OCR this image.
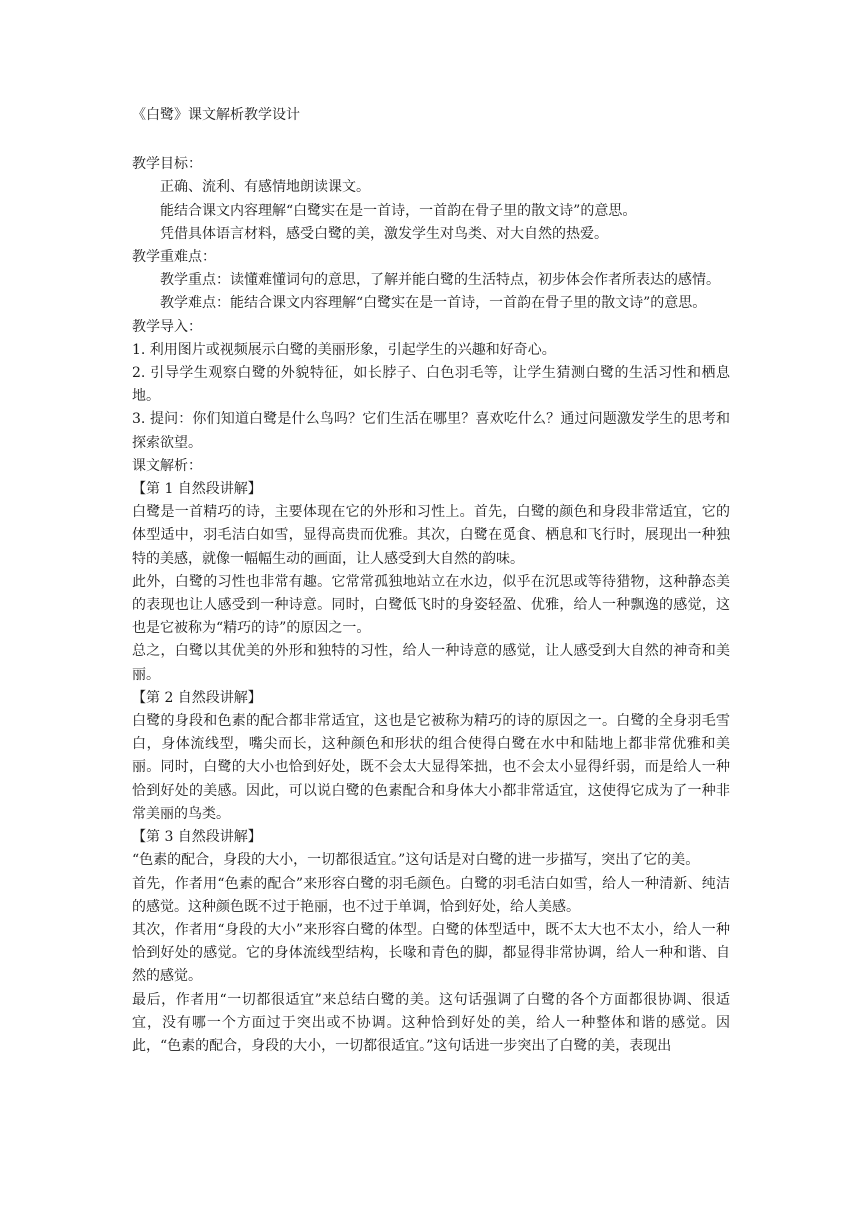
《白鹭》课文解析教学设计

教学目标：

正确、流利、有感情地朗读课文。

能结合课文内容理解“白鹭实在是一首诗，一首韵在骨子里的散文诗”的意思。

凭借具体语言材料，感受白鹭的美，激发学生对鸟类、对大自然的热爱。

教学重难点：

教学重点：读懂难懂词句的意思，了解并能白鹭的生活特点，初步体会作者所表达的感情。

教学难点：能结合课文内容理解“白鹭实在是一首诗，一首韵在骨子里的散文诗”的意思。

教学导入：

1. 利用图片或视频展示白鹭的美丽形象，引起学生的兴趣和好奇心。

2. 引导学生观察白鹭的外貌特征，如长脖子、白色羽毛等，让学生猜测白鹭的生活习性和栖息地。

3. 提问：你们知道白鹭是什么鸟吗？它们生活在哪里？喜欢吃什么？通过问题激发学生的思考和探索欲望。

课文解析：

【第 1 自然段讲解】

白鹭是一首精巧的诗，主要体现在它的外形和习性上。首先，白鹭的颜色和身段非常适宜，它的体型适中，羽毛洁白如雪，显得高贵而优雅。其次，白鹭在觅食、栖息和飞行时，展现出一种独特的美感，就像一幅幅生动的画面，让人感受到大自然的韵味。

此外，白鹭的习性也非常有趣。它常常孤独地站立在水边，似乎在沉思或等待猎物，这种静态美的表现也让人感受到一种诗意。同时，白鹭低飞时的身姿轻盈、优雅，给人一种飘逸的感觉，这也是它被称为“精巧的诗”的原因之一。

总之，白鹭以其优美的外形和独特的习性，给人一种诗意的感觉，让人感受到大自然的神奇和美丽。

【第 2 自然段讲解】

白鹭的身段和色素的配合都非常适宜，这也是它被称为精巧的诗的原因之一。白鹭的全身羽毛雪白，身体流线型，嘴尖而长，这种颜色和形状的组合使得白鹭在水中和陆地上都非常优雅和美丽。同时，白鹭的大小也恰到好处，既不会太大显得笨拙，也不会太小显得纤弱，而是给人一种恰到好处的美感。因此，可以说白鹭的色素配合和身体大小都非常适宜，这使得它成为了一种非常美丽的鸟类。

【第 3 自然段讲解】

“色素的配合，身段的大小，一切都很适宜。”这句话是对白鹭的进一步描写，突出了它的美。

首先，作者用“色素的配合”来形容白鹭的羽毛颜色。白鹭的羽毛洁白如雪，给人一种清新、纯洁的感觉。这种颜色既不过于艳丽，也不过于单调，恰到好处，给人美感。

其次，作者用“身段的大小”来形容白鹭的体型。白鹭的体型适中，既不太大也不太小，给人一种恰到好处的感觉。它的身体流线型结构，长喙和青色的脚，都显得非常协调，给人一种和谐、自然的感觉。

最后，作者用“一切都很适宜”来总结白鹭的美。这句话强调了白鹭的各个方面都很协调、很适宜，没有哪一个方面过于突出或不协调。这种恰到好处的美，给人一种整体和谐的感觉。因此，“色素的配合，身段的大小，一切都很适宜。”这句话进一步突出了白鹭的美，表现出
